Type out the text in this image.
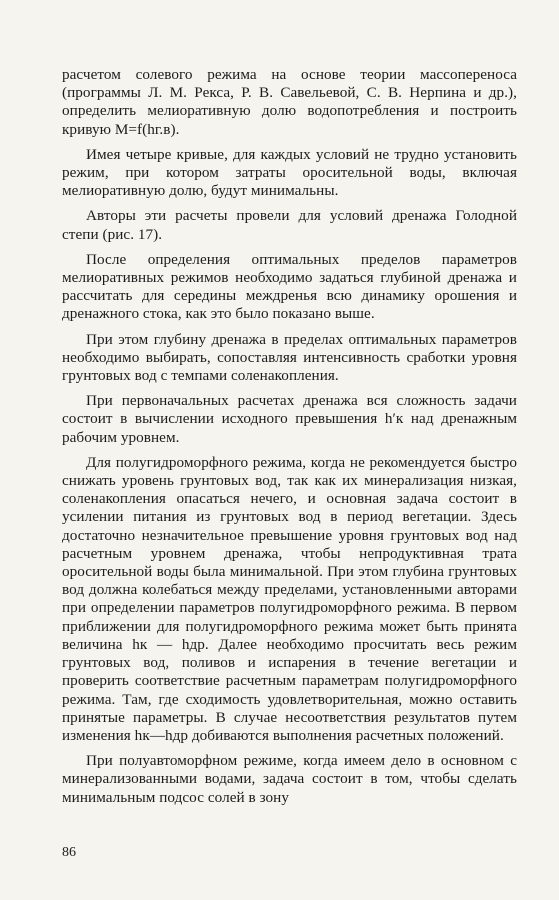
расчетом солевого режима на основе теории массопереноса (программы Л. М. Рекса, Р. В. Савельевой, С. В. Нерпина и др.), определить мелиоративную долю водопотребления и построить кривую M=f(hг.в).

Имея четыре кривые, для каждых условий не трудно установить режим, при котором затраты оросительной воды, включая мелиоративную долю, будут минимальны.

Авторы эти расчеты провели для условий дренажа Голодной степи (рис. 17).

После определения оптимальных пределов параметров мелиоративных режимов необходимо задаться глубиной дренажа и рассчитать для середины междренья всю динамику орошения и дренажного стока, как это было показано выше.

При этом глубину дренажа в пределах оптимальных параметров необходимо выбирать, сопоставляя интенсивность сработки уровня грунтовых вод с темпами соленакопления.

При первоначальных расчетах дренажа вся сложность задачи состоит в вычислении исходного превышения h′к над дренажным рабочим уровнем.

Для полугидроморфного режима, когда не рекомендуется быстро снижать уровень грунтовых вод, так как их минерализация низкая, соленакопления опасаться нечего, и основная задача состоит в усилении питания из грунтовых вод в период вегетации. Здесь достаточно незначительное превышение уровня грунтовых вод над расчетным уровнем дренажа, чтобы непродуктивная трата оросительной воды была минимальной. При этом глубина грунтовых вод должна колебаться между пределами, установленными авторами при определении параметров полугидроморфного режима. В первом приближении для полугидроморфного режима может быть принята величина hк — hдр. Далее необходимо просчитать весь режим грунтовых вод, поливов и испарения в течение вегетации и проверить соответствие расчетным параметрам полугидроморфного режима. Там, где сходимость удовлетворительная, можно оставить принятые параметры. В случае несоответствия результатов путем изменения hк—hдр добиваются выполнения расчетных положений.

При полуавтоморфном режиме, когда имеем дело в основном с минерализованными водами, задача состоит в том, чтобы сделать минимальным подсос солей в зону

86
